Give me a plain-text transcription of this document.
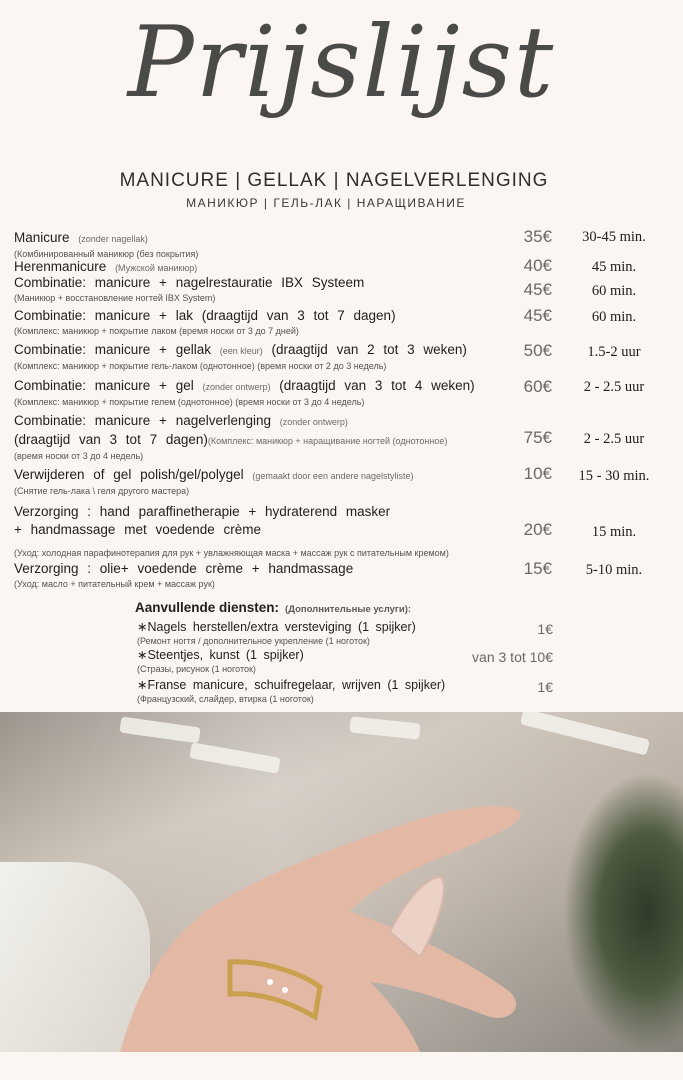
Prijslijst
MANICURE | GELLAK | NAGELVERLENGING
МАНИКЮР | ГЕЛЬ-ЛАК | НАРАЩИВАНИЕ
Manicure (zonder nagellak)
(Комбинированный маникюр (без покрытия)
35€	30-45 min.
Herenmanicure (Мужской маникюр)	40€	45 min.
Combinatie: manicure + nagelrestauratie IBX Systeem
(Маникюр + восстановление ногтей IBX System)	45€	60 min.
Combinatie: manicure + lak (draagtijd van 3 tot 7 dagen)
(Комплекс: маникюр + покрытие лаком (время носки от 3 до 7 дней)
45€	60 min.
Combinatie: manicure + gellak (een kleur) (draagtijd van 2 tot 3 weken)
(Комплекс: маникюр + покрытие гель-лаком (однотонное) (время носки от 2 до 3 недель)
50€	1.5-2 uur
Combinatie: manicure + gel (zonder ontwerp) (draagtijd van 3 tot 4 weken)
(Комплекс: маникюр + покрытие гелем (однотонное) (время носки от 3 до 4 недель)
60€	2 - 2.5 uur
Combinatie: manicure + nagelverlenging (zonder ontwerp)
(draagtijd van 3 tot 7 dagen)(Комплекс: маникюр + наращивание ногтей (однотонное)
(время носки от 3 до 4 недель)
75€	2 - 2.5 uur
Verwijderen of gel polish/gel/polygel (gemaakt door een andere nagelstyliste)
(Снятие гель-лака \ геля другого мастера)
10€	15 - 30 min.
Verzorging : hand paraffinetherapie + hydraterend masker
+ handmassage met voedende crème
(Уход: холодная парафинотерапия для рук + увлажняющая маска + массаж рук с питательным кремом)
20€	15 min.
Verzorging : olie+ voedende crème + handmassage
(Уход: масло + питательный крем + массаж рук)
15€	5-10 min.
Aanvullende diensten: (Дополнительные услуги):
∗Nagels herstellen/extra versteviging (1 spijker)
(Ремонт ногтя / дополнительное укрепление (1 ноготок)
1€
∗Steentjes, kunst (1 spijker)
(Стразы, рисунок (1 ноготок)
van 3 tot 10€
∗Franse manicure, schuifregelaar, wrijven (1 spijker)
(Французский, слайдер, втирка (1 ноготок)
1€
